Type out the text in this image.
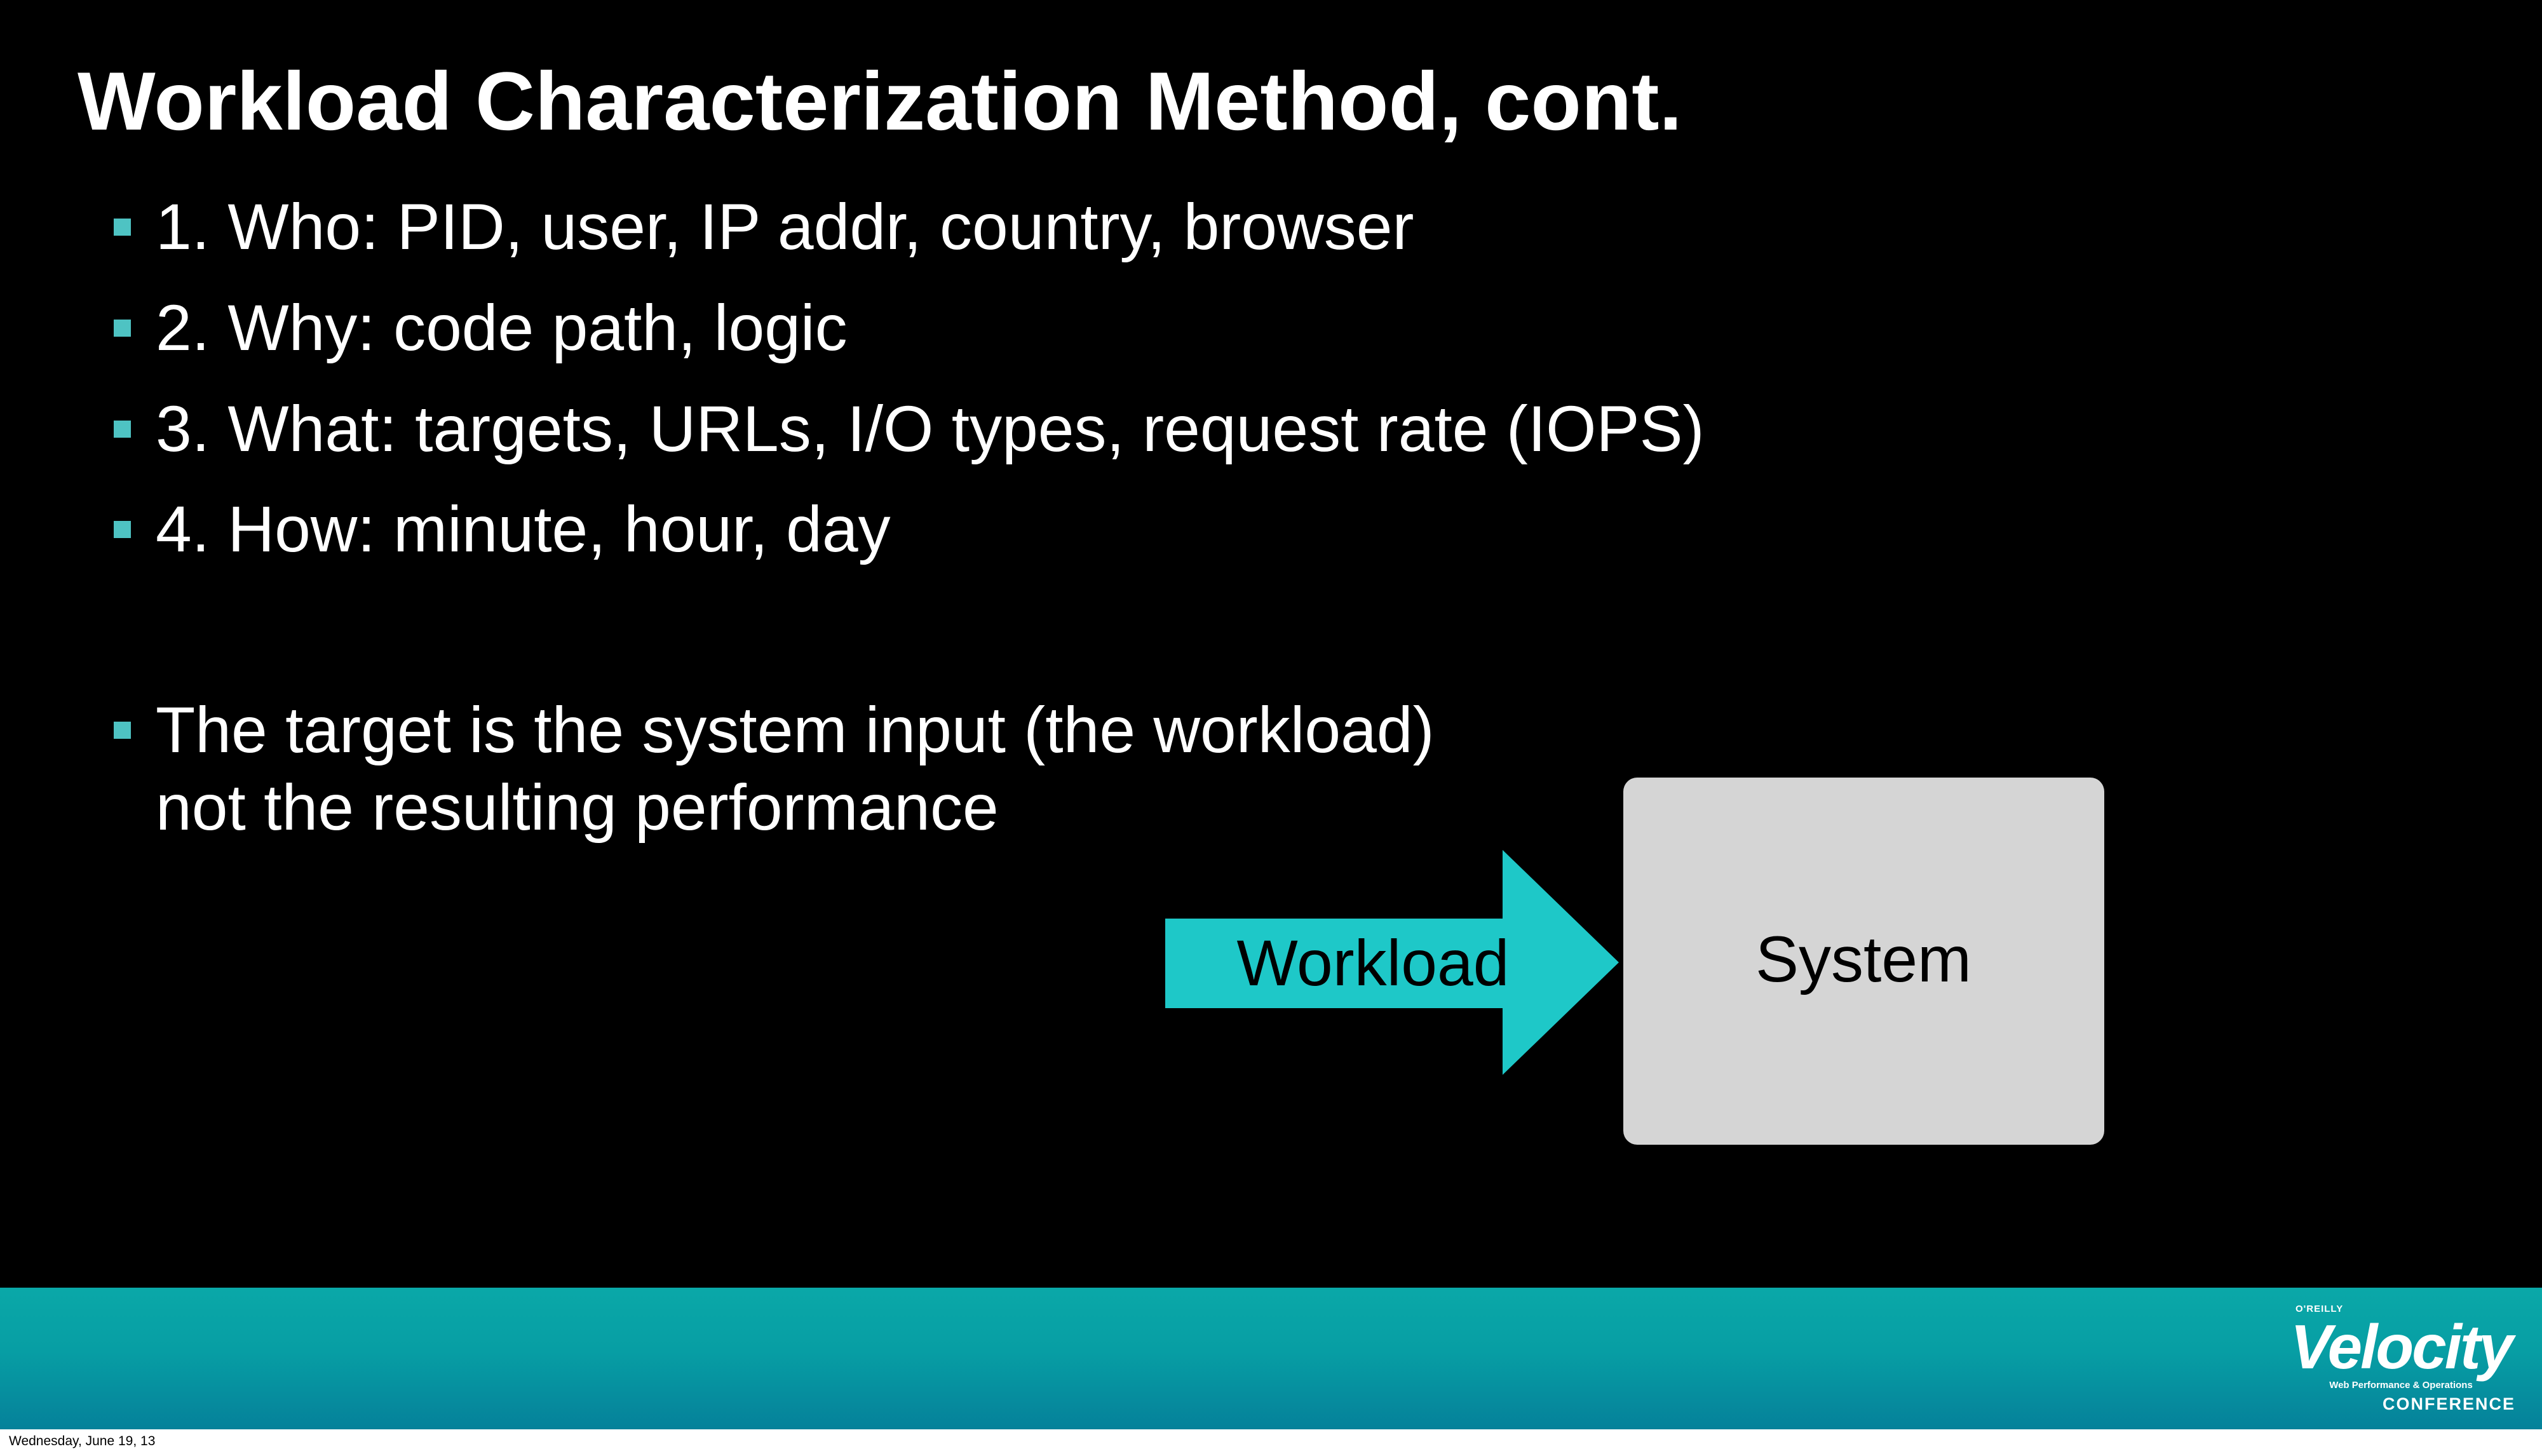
Workload Characterization Method, cont.

1. Who: PID, user, IP addr, country, browser

2. Why: code path, logic

3. What: targets, URLs, I/O types, request rate (IOPS)

4. How: minute, hour, day

The target is the system input (the workload)
not the resulting performance

Workload	System
O'REILLY
Velocity
Web Performance & Operations
CONFERENCE
Wednesday, June 19, 13
